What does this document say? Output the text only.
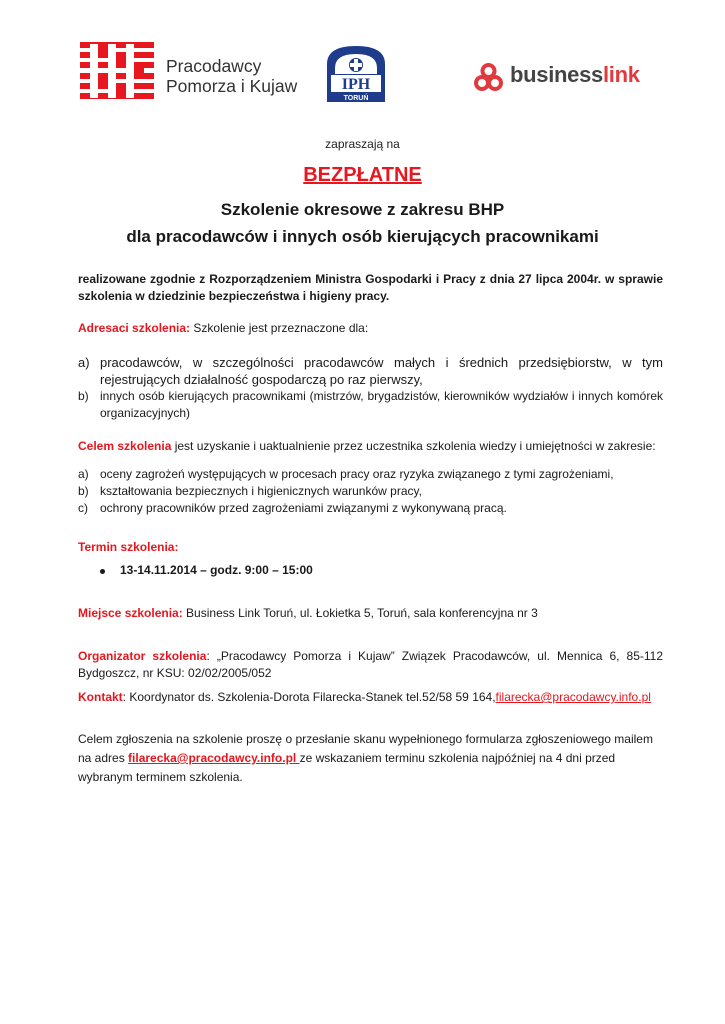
Pracodawcy
Pomorza i Kujaw	IPH
TORUŃ
businesslink
zapraszają na
BEZPŁATNE
Szkolenie okresowe z zakresu BHP
dla pracodawców i innych osób kierujących pracownikami
realizowane zgodnie z Rozporządzeniem Ministra Gospodarki i Pracy z dnia 27 lipca 2004r. w sprawie szkolenia w dziedzinie bezpieczeństwa i higieny pracy.
Adresaci szkolenia: Szkolenie jest przeznaczone dla:
a) pracodawców, w szczególności pracodawców małych i średnich przedsiębiorstw, w tym rejestrujących działalność gospodarczą po raz pierwszy,
b) innych osób kierujących pracownikami (mistrzów, brygadzistów, kierowników wydziałów i innych komórek organizacyjnych)
Celem szkolenia jest uzyskanie i uaktualnienie przez uczestnika szkolenia wiedzy i umiejętności w zakresie:
a) oceny zagrożeń występujących w procesach pracy oraz ryzyka związanego z tymi zagrożeniami,
b) kształtowania bezpiecznych i higienicznych warunków pracy,
c) ochrony pracowników przed zagrożeniami związanymi z wykonywaną pracą.
Termin szkolenia:
13-14.11.2014 – godz. 9:00 – 15:00
Miejsce szkolenia: Business Link Toruń, ul. Łokietka 5, Toruń, sala konferencyjna nr 3
Organizator szkolenia: „Pracodawcy Pomorza i Kujaw” Związek Pracodawców, ul. Mennica 6, 85-112 Bydgoszcz, nr KSU: 02/02/2005/052
Kontakt: Koordynator ds. Szkolenia-Dorota Filarecka-Stanek tel.52/58 59 164,filarecka@pracodawcy.info.pl
Celem zgłoszenia na szkolenie proszę o przesłanie skanu wypełnionego formularza zgłoszeniowego mailem na adres filarecka@pracodawcy.info.pl ze wskazaniem terminu szkolenia najpóźniej na 4 dni przed wybranym terminem szkolenia.
